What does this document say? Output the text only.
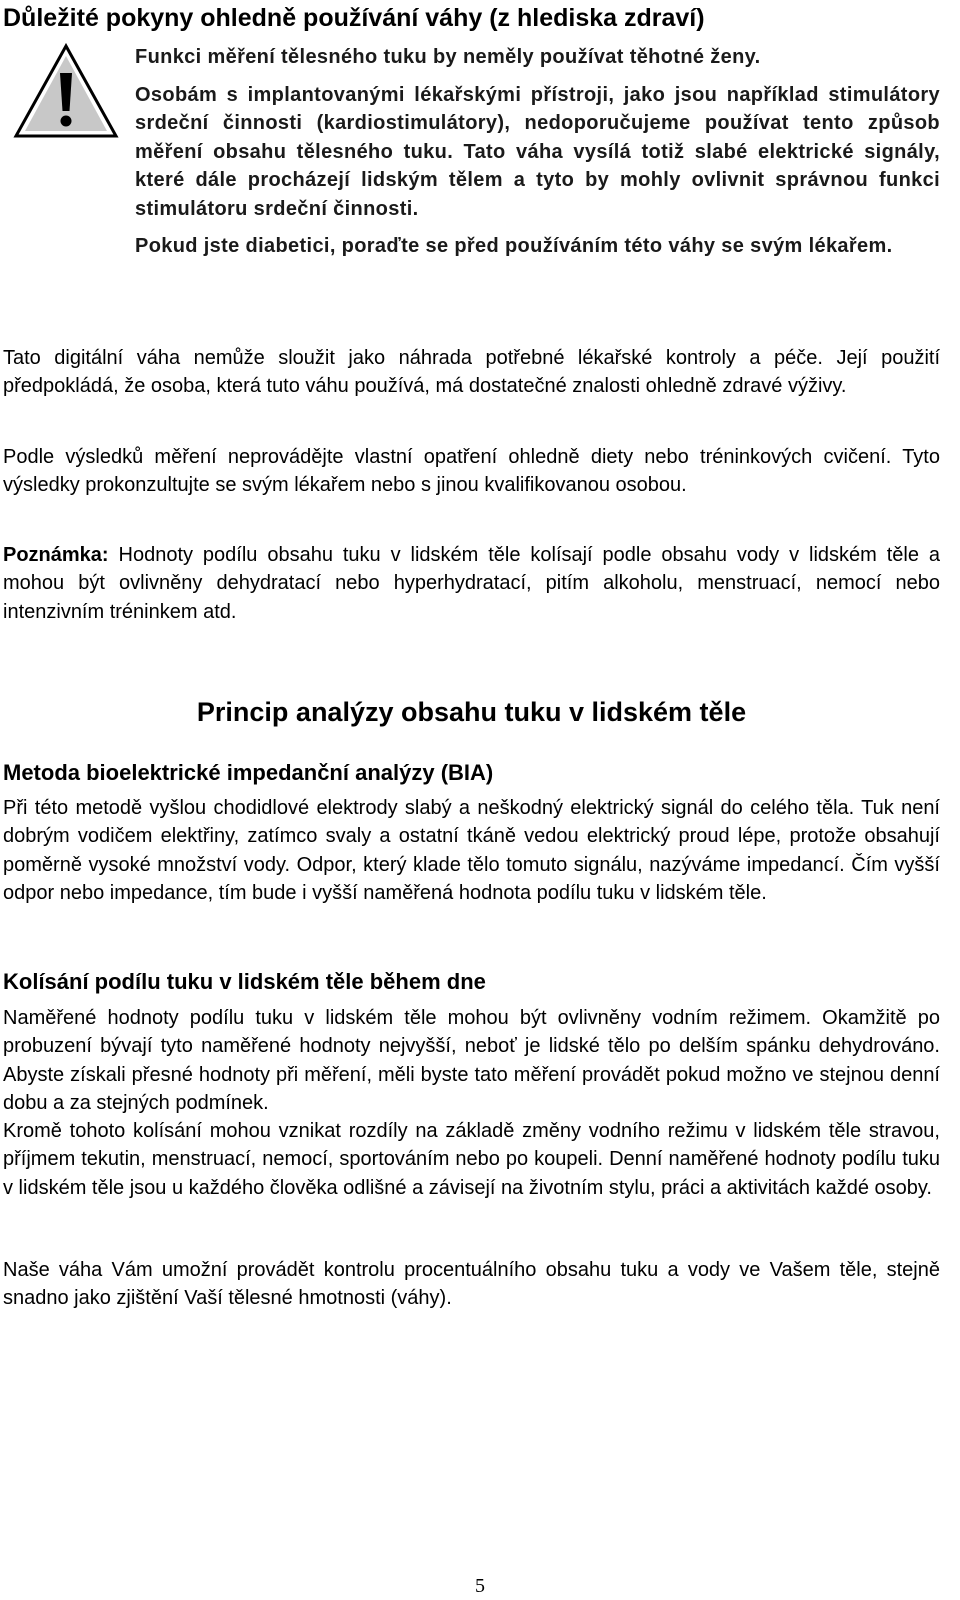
Důležité pokyny ohledně používání váhy (z hlediska zdraví)

Funkci měření tělesného tuku by neměly používat těhotné ženy.

Osobám s implantovanými lékařskými přístroji, jako jsou například stimulátory srdeční činnosti (kardiostimulátory), nedoporučujeme používat tento způsob měření obsahu tělesného tuku. Tato váha vysílá totiž slabé elektrické signály, které dále procházejí lidským tělem a tyto by mohly ovlivnit správnou funkci stimulátoru srdeční činnosti.

Pokud jste diabetici, poraďte se před používáním této váhy se svým lékařem.

Tato digitální váha nemůže sloužit jako náhrada potřebné lékařské kontroly a péče. Její použití předpokládá, že osoba, která tuto váhu používá, má dostatečné znalosti ohledně zdravé výživy.

Podle výsledků měření neprovádějte vlastní opatření ohledně diety nebo tréninkových cvičení. Tyto výsledky prokonzultujte se svým lékařem nebo s jinou kvalifikovanou osobou.

Poznámka: Hodnoty podílu obsahu tuku v lidském těle kolísají podle obsahu vody v lidském těle a mohou být ovlivněny dehydratací nebo hyperhydratací, pitím alkoholu, menstruací, nemocí nebo intenzivním tréninkem atd.

Princip analýzy obsahu tuku v lidském těle
Metoda bioelektrické impedanční analýzy (BIA)

Při této metodě vyšlou chodidlové elektrody slabý a neškodný elektrický signál do celého těla. Tuk není dobrým vodičem elektřiny, zatímco svaly a ostatní tkáně vedou elektrický proud lépe, protože obsahují poměrně vysoké množství vody. Odpor, který klade tělo tomuto signálu, nazýváme impedancí. Čím vyšší odpor nebo impedance, tím bude i vyšší naměřená hodnota podílu tuku v lidském těle.

Kolísání podílu tuku v lidském těle během dne

Naměřené hodnoty podílu tuku v lidském těle mohou být ovlivněny vodním režimem. Okamžitě po probuzení bývají tyto naměřené hodnoty nejvyšší, neboť je lidské tělo po delším spánku dehydrováno. Abyste získali přesné hodnoty při měření, měli byste tato měření provádět pokud možno ve stejnou denní dobu a za stejných podmínek.

Kromě tohoto kolísání mohou vznikat rozdíly na základě změny vodního režimu v lidském těle stravou, příjmem tekutin, menstruací, nemocí, sportováním nebo po koupeli. Denní naměřené hodnoty podílu tuku v lidském těle jsou u každého člověka odlišné a závisejí na životním stylu, práci a aktivitách každé osoby.

Naše váha Vám umožní provádět kontrolu procentuálního obsahu tuku a vody ve Vašem těle, stejně snadno jako zjištění Vaší tělesné hmotnosti (váhy).

5
